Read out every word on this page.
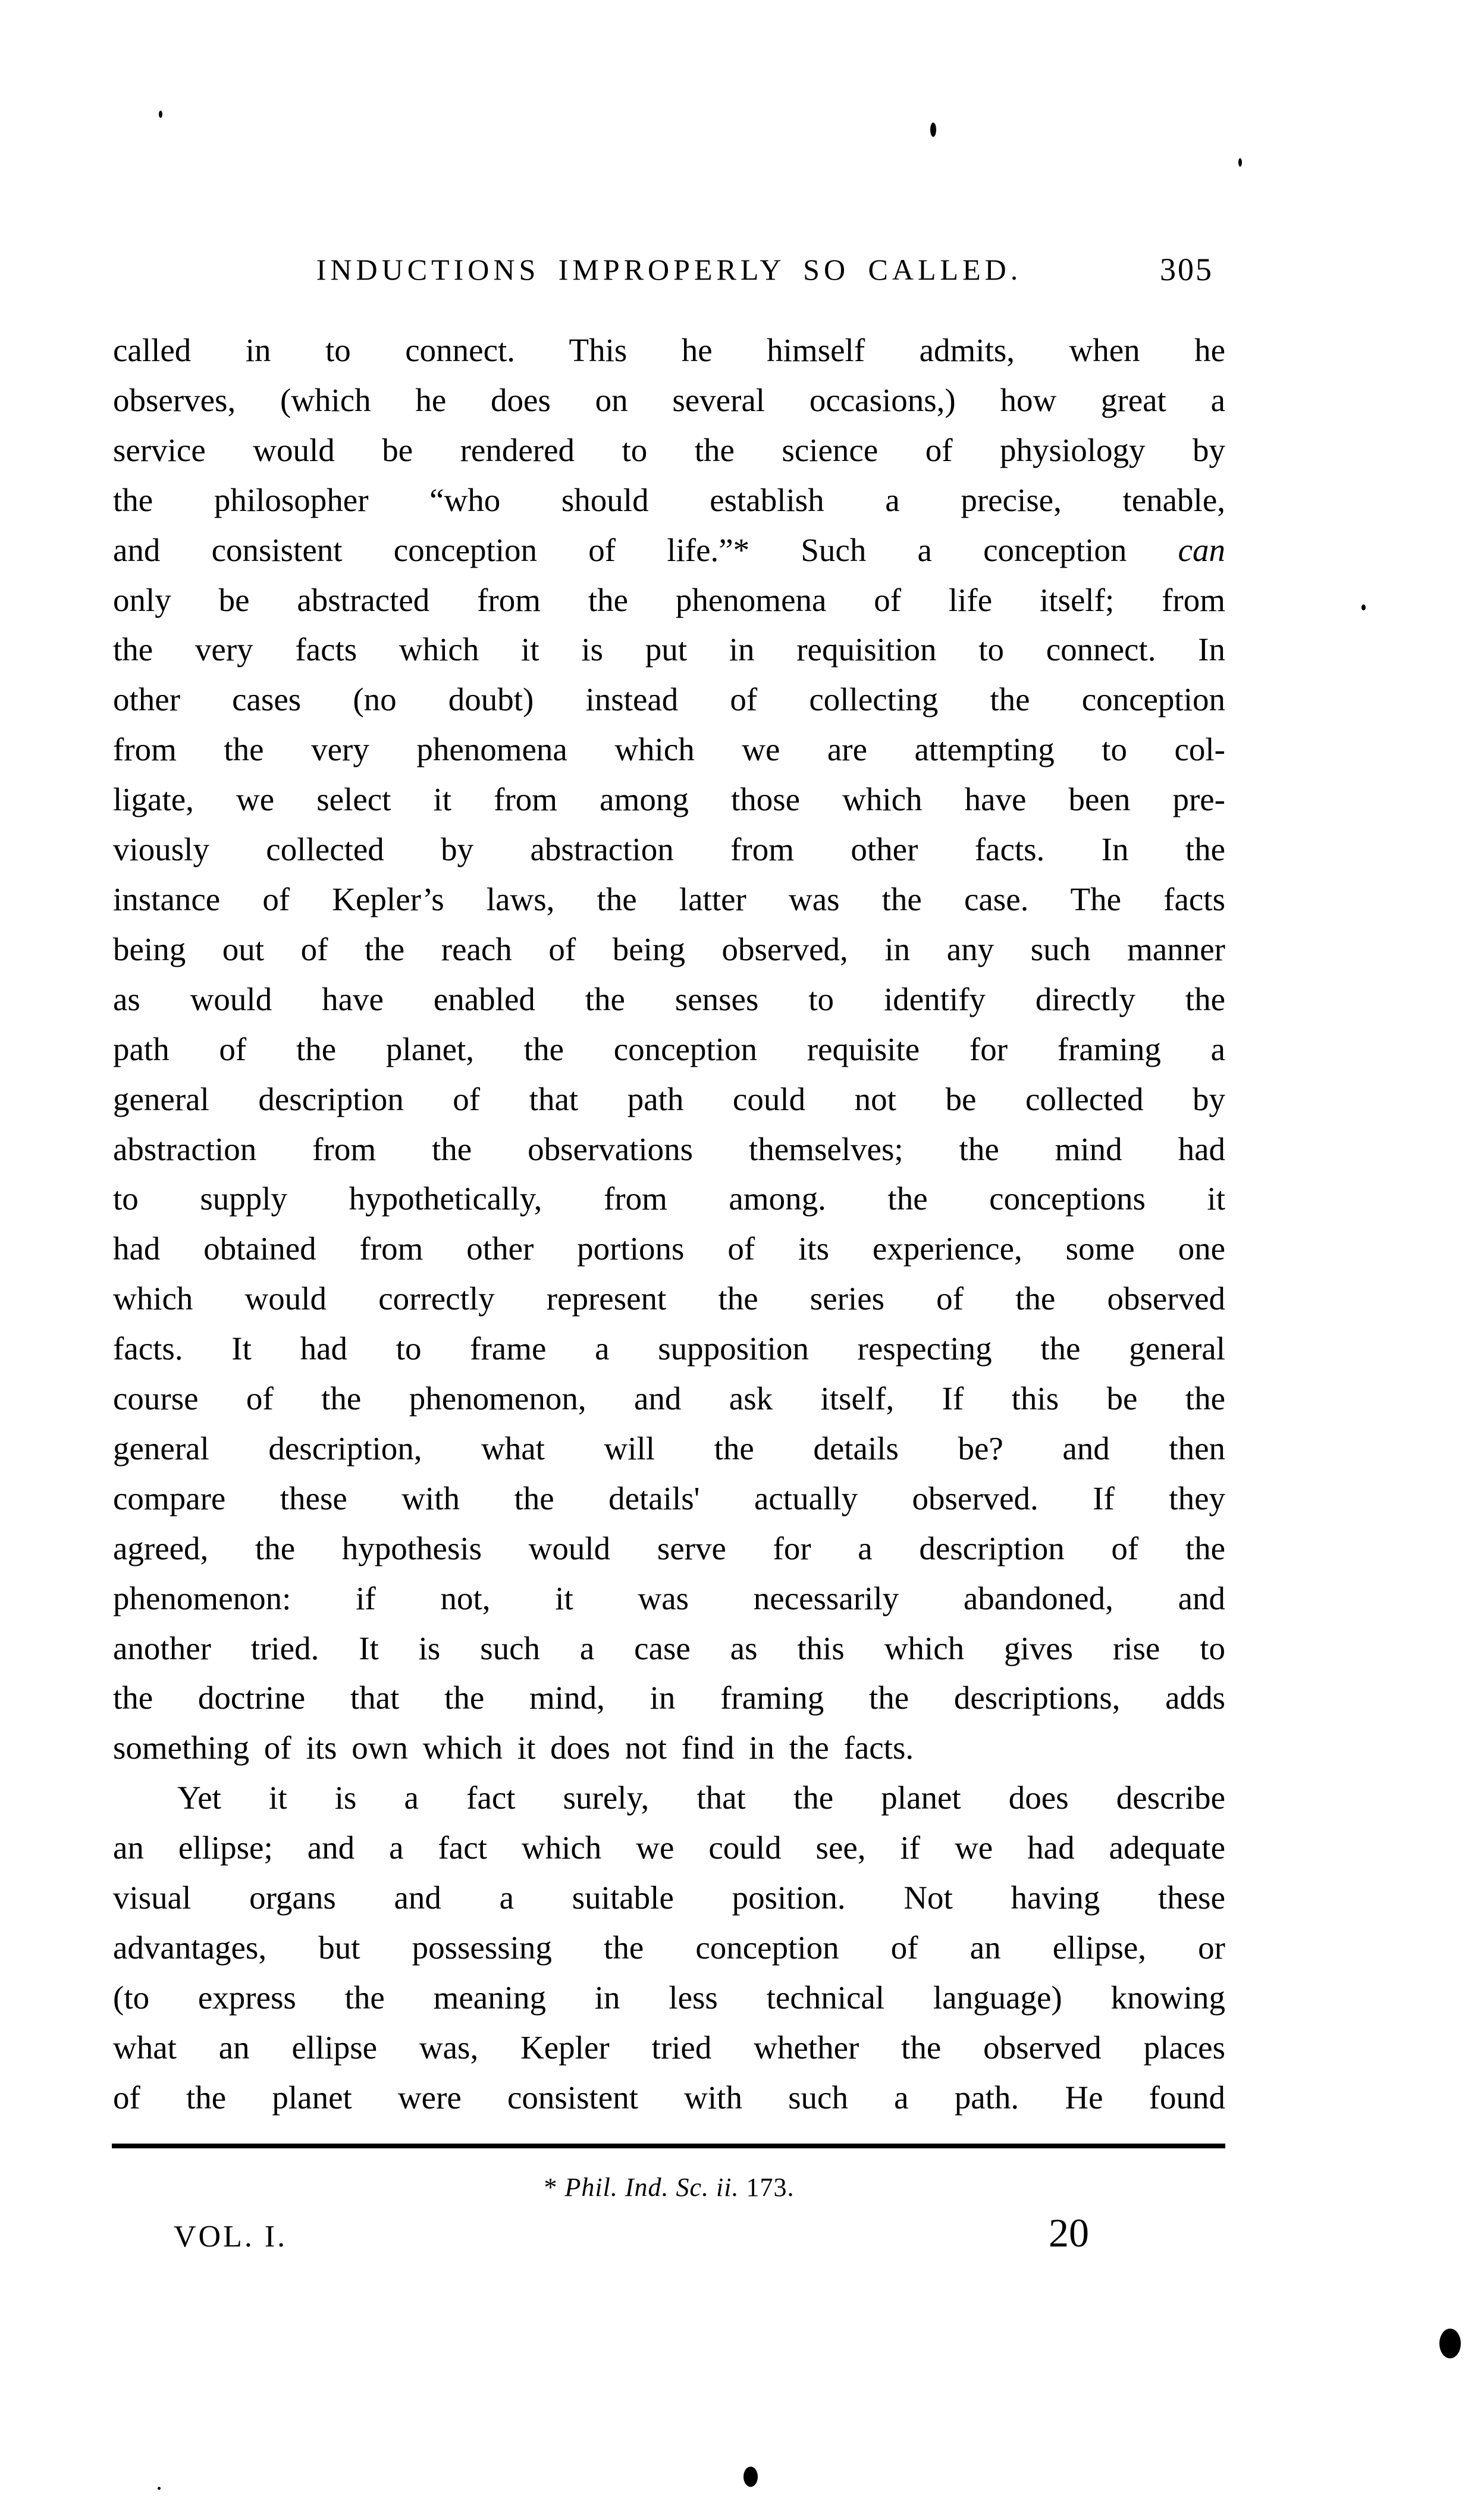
INDUCTIONS IMPROPERLY SO CALLED.	305
called in to connect. This he himself admits, when he
observes, (which he does on several occasions,) how great a
service would be rendered to the science of physiology by
the philosopher “who should establish a precise, tenable,
and consistent conception of life.”* Such a conception can
only be abstracted from the phenomena of life itself; from
the very facts which it is put in requisition to connect. In
other cases (no doubt) instead of collecting the conception
from the very phenomena which we are attempting to col-
ligate, we select it from among those which have been pre-
viously collected by abstraction from other facts. In the
instance of Kepler’s laws, the latter was the case. The facts
being out of the reach of being observed, in any such manner
as would have enabled the senses to identify directly the
path of the planet, the conception requisite for framing a
general description of that path could not be collected by
abstraction from the observations themselves; the mind had
to supply hypothetically, from among. the conceptions it
had obtained from other portions of its experience, some one
which would correctly represent the series of the observed
facts. It had to frame a supposition respecting the general
course of the phenomenon, and ask itself, If this be the
general description, what will the details be? and then
compare these with the details' actually observed. If they
agreed, the hypothesis would serve for a description of the
phenomenon: if not, it was necessarily abandoned, and
another tried. It is such a case as this which gives rise to
the doctrine that the mind, in framing the descriptions, adds
something of its own which it does not find in the facts.
Yet it is a fact surely, that the planet does describe
an ellipse; and a fact which we could see, if we had adequate
visual organs and a suitable position. Not having these
advantages, but possessing the conception of an ellipse, or
(to express the meaning in less technical language) knowing
what an ellipse was, Kepler tried whether the observed places
of the planet were consistent with such a path. He found
* Phil. Ind. Sc. ii. 173.
VOL. I.	20
